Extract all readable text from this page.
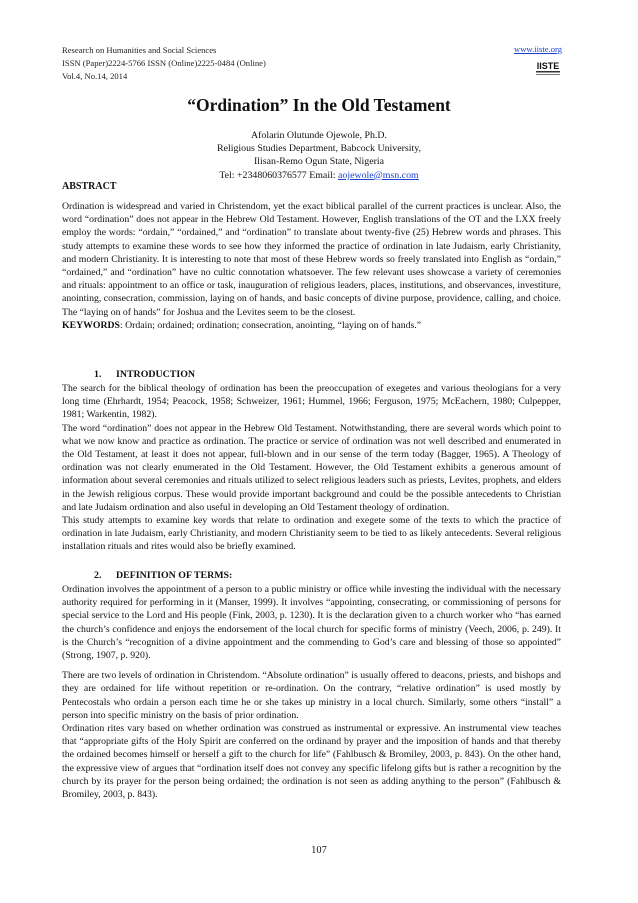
Research on Humanities and Social Sciences
ISSN (Paper)2224-5766 ISSN (Online)2225-0484 (Online)
Vol.4, No.14, 2014
www.iiste.org
IISTE
“Ordination” In the Old Testament
Afolarin Olutunde Ojewole, Ph.D.
Religious Studies Department, Babcock University,
Ilisan-Remo Ogun State, Nigeria
Tel: +2348060376577 Email: aojewole@msn.com
ABSTRACT

Ordination is widespread and varied in Christendom, yet the exact biblical parallel of the current practices is unclear. Also, the word “ordination” does not appear in the Hebrew Old Testament. However, English translations of the OT and the LXX freely employ the words: “ordain,” “ordained,” and “ordination” to translate about twenty-five (25) Hebrew words and phrases. This study attempts to examine these words to see how they informed the practice of ordination in late Judaism, early Christianity, and modern Christianity. It is interesting to note that most of these Hebrew words so freely translated into English as “ordain,” “ordained,” and “ordination” have no cultic connotation whatsoever. The few relevant uses showcase a variety of ceremonies and rituals: appointment to an office or task, inauguration of religious leaders, places, institutions, and observances, investiture, anointing, consecration, commission, laying on of hands, and basic concepts of divine purpose, providence, calling, and choice. The “laying on of hands” for Joshua and the Levites seem to be the closest.

KEYWORDS: Ordain; ordained; ordination; consecration, anointing, “laying on of hands.”

1. INTRODUCTION

The search for the biblical theology of ordination has been the preoccupation of exegetes and various theologians for a very long time (Ehrhardt, 1954; Peacock, 1958; Schweizer, 1961; Hummel, 1966; Ferguson, 1975; McEachern, 1980; Culpepper, 1981; Warkentin, 1982).

The word “ordination” does not appear in the Hebrew Old Testament. Notwithstanding, there are several words which point to what we now know and practice as ordination. The practice or service of ordination was not well described and enumerated in the Old Testament, at least it does not appear, full-blown and in our sense of the term today (Bagger, 1965). A Theology of ordination was not clearly enumerated in the Old Testament. However, the Old Testament exhibits a generous amount of information about several ceremonies and rituals utilized to select religious leaders such as priests, Levites, prophets, and elders in the Jewish religious corpus. These would provide important background and could be the possible antecedents to Christian and late Judaism ordination and also useful in developing an Old Testament theology of ordination.

This study attempts to examine key words that relate to ordination and exegete some of the texts to which the practice of ordination in late Judaism, early Christianity, and modern Christianity seem to be tied to as likely antecedents. Several religious installation rituals and rites would also be briefly examined.

2. DEFINITION OF TERMS:

Ordination involves the appointment of a person to a public ministry or office while investing the individual with the necessary authority required for performing in it (Manser, 1999). It involves “appointing, consecrating, or commissioning of persons for special service to the Lord and His people (Fink, 2003, p. 1230). It is the declaration given to a church worker who “has earned the church’s confidence and enjoys the endorsement of the local church for specific forms of ministry (Veech, 2006, p. 249). It is the Church’s “recognition of a divine appointment and the commending to God’s care and blessing of those so appointed” (Strong, 1907, p. 920).

There are two levels of ordination in Christendom. “Absolute ordination” is usually offered to deacons, priests, and bishops and they are ordained for life without repetition or re-ordination. On the contrary, “relative ordination” is used mostly by Pentecostals who ordain a person each time he or she takes up ministry in a local church. Similarly, some others “install” a person into specific ministry on the basis of prior ordination.

Ordination rites vary based on whether ordination was construed as instrumental or expressive. An instrumental view teaches that “appropriate gifts of the Holy Spirit are conferred on the ordinand by prayer and the imposition of hands and that thereby the ordained becomes himself or herself a gift to the church for life” (Fahlbusch & Bromiley, 2003, p. 843). On the other hand, the expressive view of argues that “ordination itself does not convey any specific lifelong gifts but is rather a recognition by the church by its prayer for the person being ordained; the ordination is not seen as adding anything to the person” (Fahlbusch & Bromiley, 2003, p. 843).

107
